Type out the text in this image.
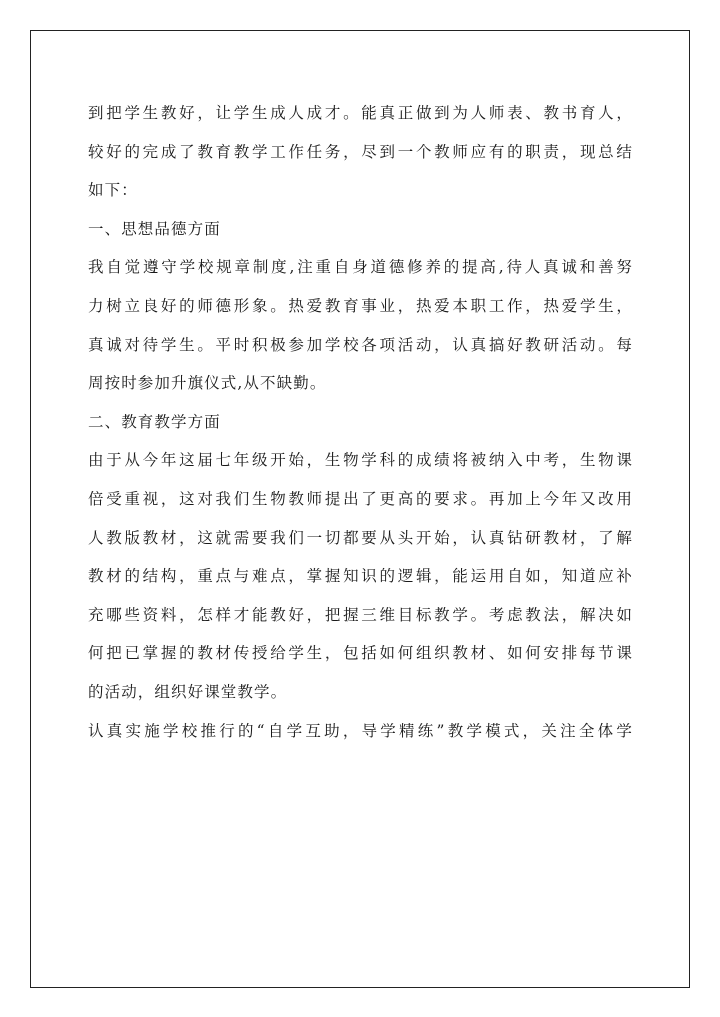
到把学生教好，让学生成人成才。能真正做到为人师表、教书育人，
较好的完成了教育教学工作任务，尽到一个教师应有的职责，现总结
如下：
一、思想品德方面
我自觉遵守学校规章制度,注重自身道德修养的提高,待人真诚和善努
力树立良好的师德形象。热爱教育事业，热爱本职工作，热爱学生，
真诚对待学生。平时积极参加学校各项活动，认真搞好教研活动。每
周按时参加升旗仪式,从不缺勤。
二、教育教学方面
由于从今年这届七年级开始，生物学科的成绩将被纳入中考，生物课
倍受重视，这对我们生物教师提出了更高的要求。再加上今年又改用
人教版教材，这就需要我们一切都要从头开始，认真钻研教材，了解
教材的结构，重点与难点，掌握知识的逻辑，能运用自如，知道应补
充哪些资料，怎样才能教好，把握三维目标教学。考虑教法，解决如
何把已掌握的教材传授给学生，包括如何组织教材、如何安排每节课
的活动，组织好课堂教学。
认真实施学校推行的“自学互助，导学精练”教学模式，关注全体学
